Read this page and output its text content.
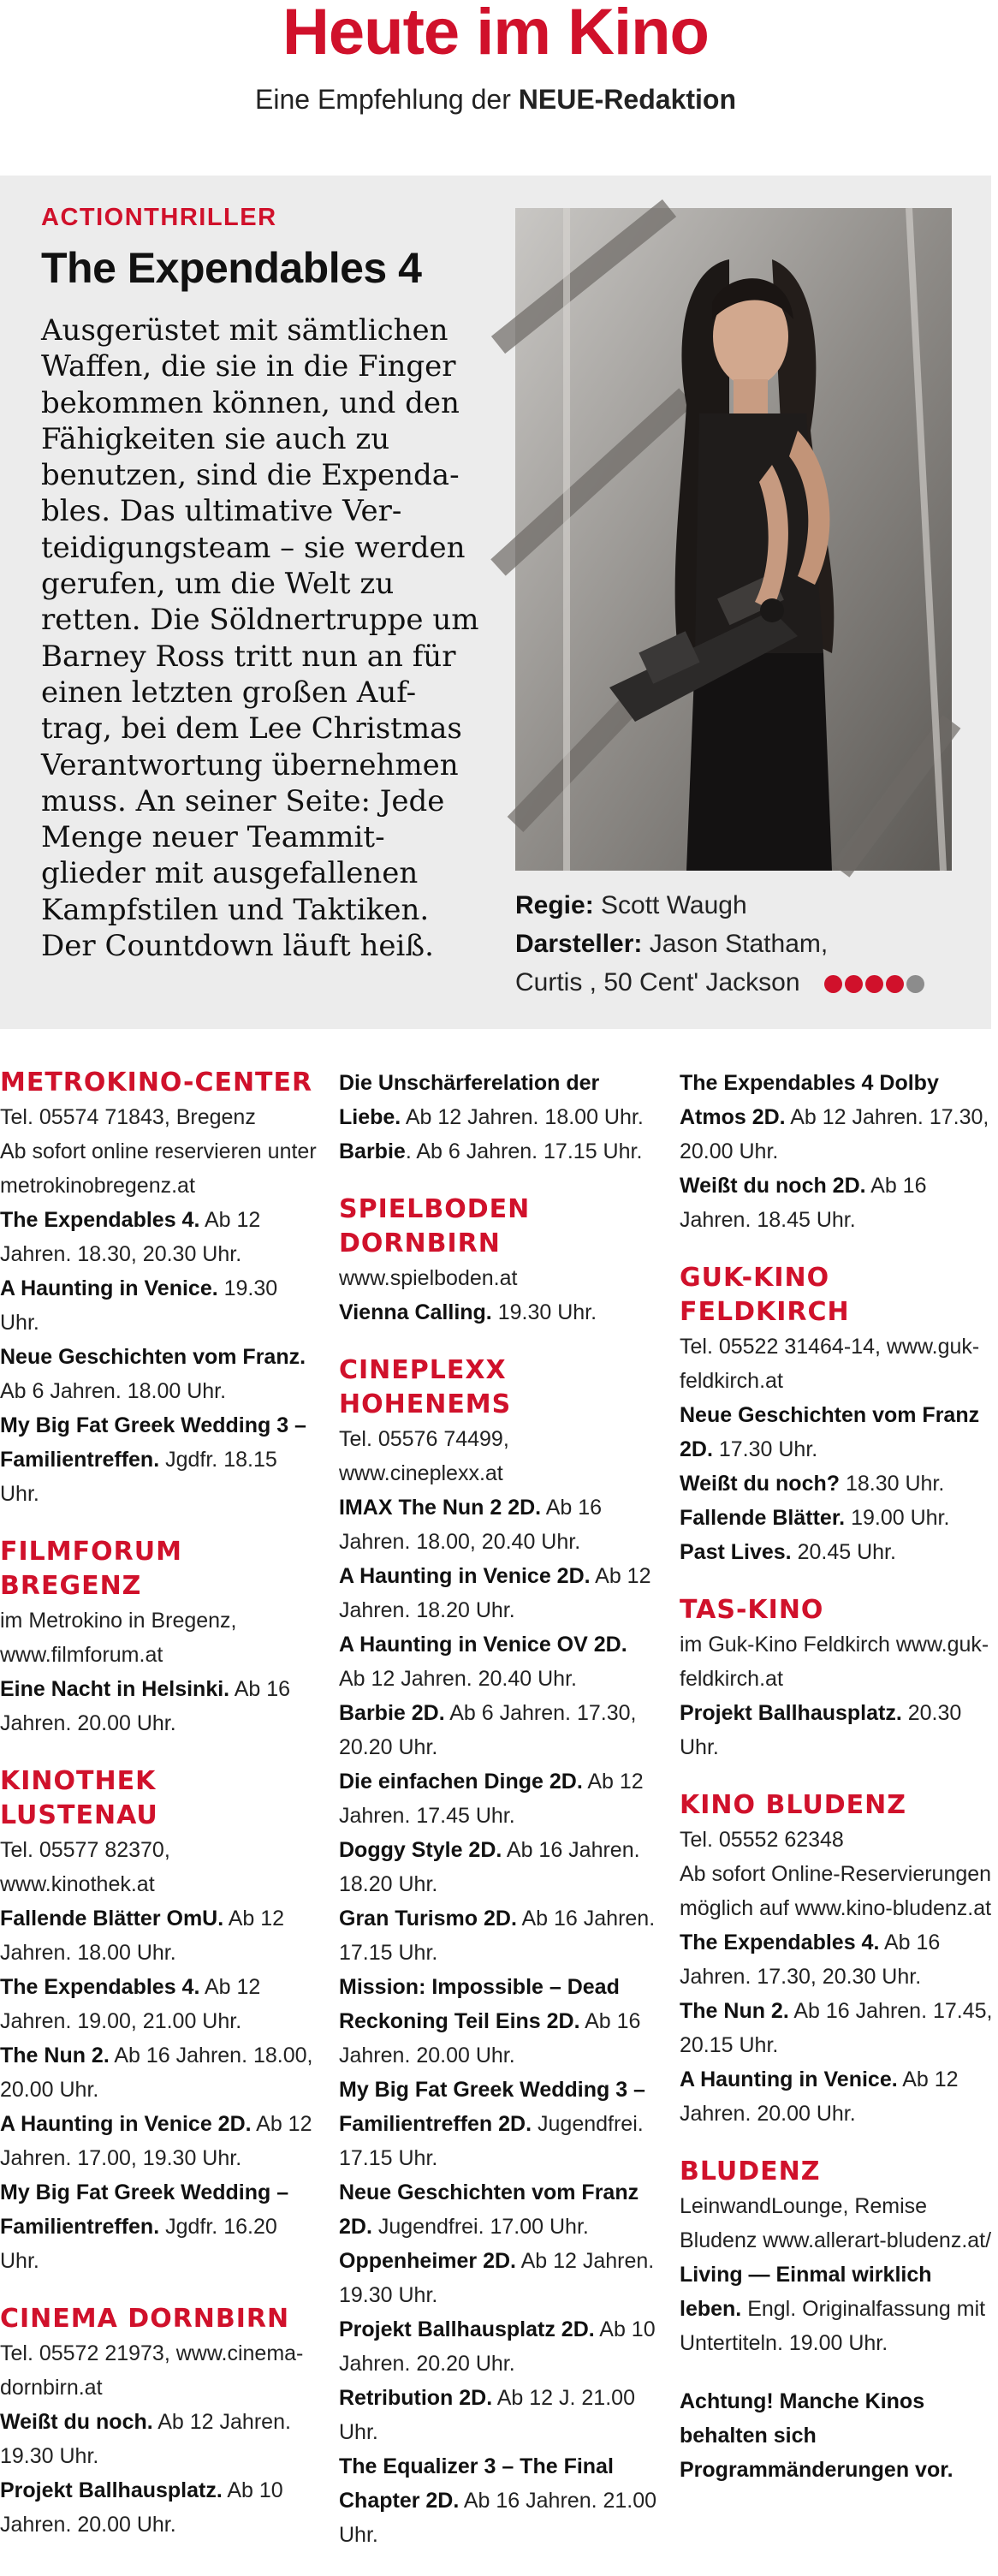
Heute im Kino
Eine Empfehlung der NEUE-Redaktion
ACTIONTHRILLER
The Expendables 4
Ausgerüstet mit sämtlichen Waffen, die sie in die Finger bekommen können, und den Fähigkeiten sie auch zu benutzen, sind die Expenda-bles. Das ultimative Ver-teidigungsteam – sie werden gerufen, um die Welt zu retten. Die Söldnertruppe um Barney Ross tritt nun an für einen letzten großen Auf-trag, bei dem Lee Christmas Verantwortung übernehmen muss. An seiner Seite: Jede Menge neuer Teammit-glieder mit ausgefallenen Kampfstilen und Taktiken. Der Countdown läuft heiß.
Regie: Scott Waugh
Darsteller: Jason Statham,
Curtis , 50 Cent' Jackson
METROKINO-CENTER

Tel. 05574 71843, Bregenz

Ab sofort online reservieren unter metrokinobregenz.at

The Expendables 4. Ab 12 Jahren. 18.30, 20.30 Uhr.

A Haunting in Venice. 19.30 Uhr.

Neue Geschichten vom Franz. Ab 6 Jahren. 18.00 Uhr.

My Big Fat Greek Wedding 3 – Familientreffen. Jgdfr. 18.15 Uhr.

FILMFORUM BREGENZ

im Metrokino in Bregenz, www.filmforum.at

Eine Nacht in Helsinki. Ab 16 Jahren. 20.00 Uhr.

KINOTHEK LUSTENAU

Tel. 05577 82370, www.kinothek.at

Fallende Blätter OmU. Ab 12 Jahren. 18.00 Uhr.

The Expendables 4. Ab 12 Jahren. 19.00, 21.00 Uhr.

The Nun 2. Ab 16 Jahren. 18.00, 20.00 Uhr.

A Haunting in Venice 2D. Ab 12 Jahren. 17.00, 19.30 Uhr.

My Big Fat Greek Wedding – Familientreffen. Jgdfr. 16.20 Uhr.

CINEMA DORNBIRN

Tel. 05572 21973, www.cinema-dornbirn.at

Weißt du noch. Ab 12 Jahren. 19.30 Uhr.

Projekt Ballhausplatz. Ab 10 Jahren. 20.00 Uhr.

Die Unschärferelation der Liebe. Ab 12 Jahren. 18.00 Uhr.

Barbie. Ab 6 Jahren. 17.15 Uhr.

SPIELBODEN DORNBIRN

www.spielboden.at

Vienna Calling. 19.30 Uhr.

CINEPLEXX HOHENEMS

Tel. 05576 74499, www.cineplexx.at

IMAX The Nun 2 2D. Ab 16 Jahren. 18.00, 20.40 Uhr.

A Haunting in Venice 2D. Ab 12 Jahren. 18.20 Uhr.

A Haunting in Venice OV 2D. Ab 12 Jahren. 20.40 Uhr.

Barbie 2D. Ab 6 Jahren. 17.30, 20.20 Uhr.

Die einfachen Dinge 2D. Ab 12 Jahren. 17.45 Uhr.

Doggy Style 2D. Ab 16 Jahren. 18.20 Uhr.

Gran Turismo 2D. Ab 16 Jahren. 17.15 Uhr.

Mission: Impossible – Dead Reckoning Teil Eins 2D. Ab 16 Jahren. 20.00 Uhr.

My Big Fat Greek Wedding 3 – Familientreffen 2D. Jugendfrei. 17.15 Uhr.

Neue Geschichten vom Franz 2D. Jugendfrei. 17.00 Uhr.

Oppenheimer 2D. Ab 12 Jahren. 19.30 Uhr.

Projekt Ballhausplatz 2D. Ab 10 Jahren. 20.20 Uhr.

Retribution 2D. Ab 12 J. 21.00 Uhr.

The Equalizer 3 – The Final Chapter 2D. Ab 16 Jahren. 21.00 Uhr.

The Expendables 4 Dolby Atmos 2D. Ab 12 Jahren. 17.30, 20.00 Uhr.

Weißt du noch 2D. Ab 16 Jahren. 18.45 Uhr.

GUK-KINO FELDKIRCH

Tel. 05522 31464-14, www.guk-feldkirch.at

Neue Geschichten vom Franz 2D. 17.30 Uhr.

Weißt du noch? 18.30 Uhr.

Fallende Blätter. 19.00 Uhr.

Past Lives. 20.45 Uhr.

TAS-KINO

im Guk-Kino Feldkirch www.guk-feldkirch.at

Projekt Ballhausplatz. 20.30 Uhr.

KINO BLUDENZ

Tel. 05552 62348

Ab sofort Online-Reservierungen möglich auf www.kino-bludenz.at

The Expendables 4. Ab 16 Jahren. 17.30, 20.30 Uhr.

The Nun 2. Ab 16 Jahren. 17.45, 20.15 Uhr.

A Haunting in Venice. Ab 12 Jahren. 20.00 Uhr.

BLUDENZ

LeinwandLounge, Remise Bludenz www.allerart-bludenz.at/

Living — Einmal wirklich leben. Engl. Originalfassung mit Untertiteln. 19.00 Uhr.

Achtung! Manche Kinos behalten sich Programmänderungen vor.
